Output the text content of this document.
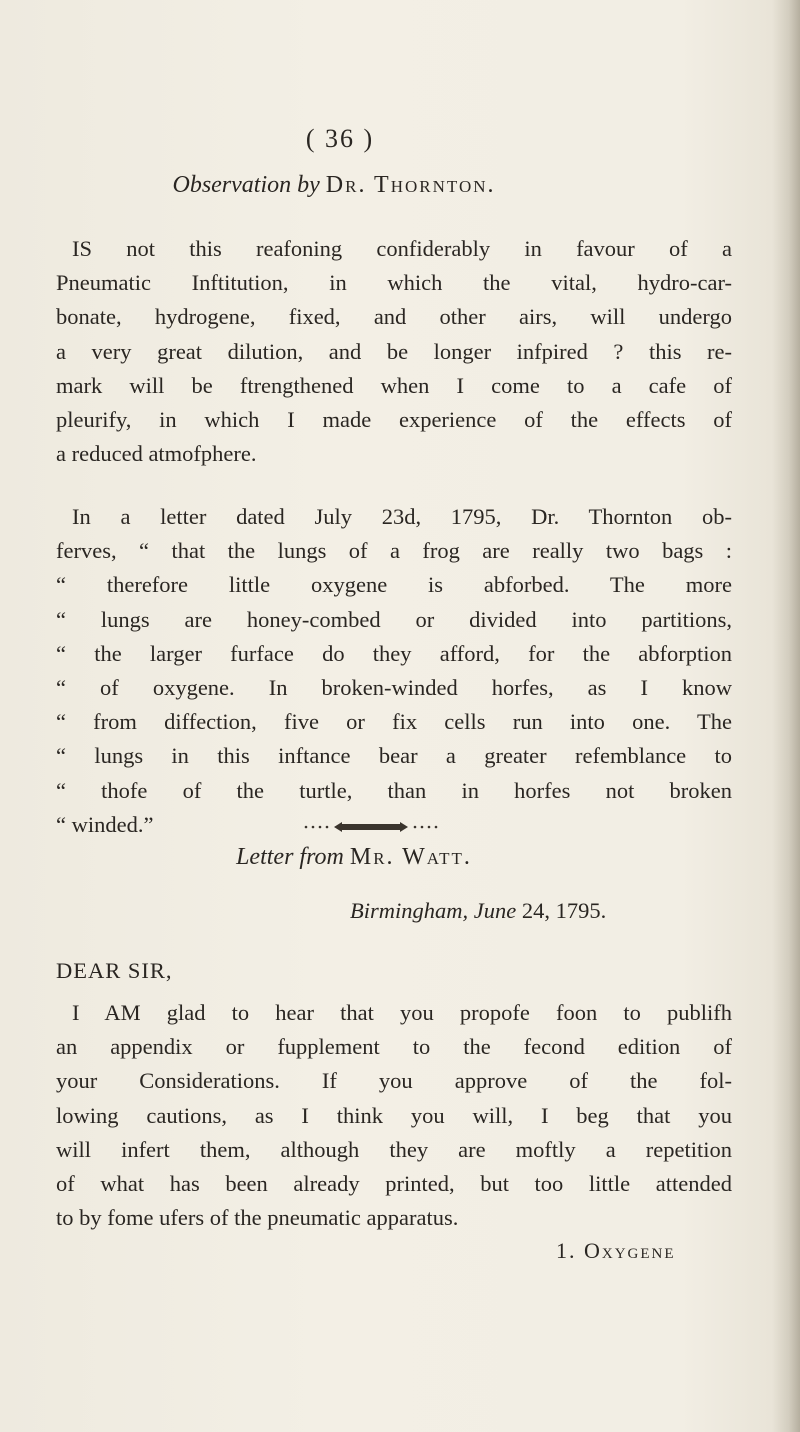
( 36 )
Observation by Dr. Thornton.
IS not this reafoning confiderably in favour of a
Pneumatic Inftitution, in which the vital, hydro-car-
bonate, hydrogene, fixed, and other airs, will undergo
a very great dilution, and be longer infpired ? this re-
mark will be ftrengthened when I come to a cafe of
pleurify, in which I made experience of the effects of
a reduced atmofphere.
In a letter dated July 23d, 1795, Dr. Thornton ob-
ferves, “ that the lungs of a frog are really two bags :
“ therefore little oxygene is abforbed. The more
“ lungs are honey-combed or divided into partitions,
“ the larger furface do they afford, for the abforption
“ of oxygene. In broken-winded horfes, as I know
“ from diffection, five or fix cells run into one. The
“ lungs in this inftance bear a greater refemblance to
“ thofe of the turtle, than in horfes not broken
“ winded.”
Letter from Mr. Watt.
Birmingham, June 24, 1795.
DEAR SIR,
I AM glad to hear that you propofe foon to publifh
an appendix or fupplement to the fecond edition of
your Considerations. If you approve of the fol-
lowing cautions, as I think you will, I beg that you
will infert them, although they are moftly a repetition
of what has been already printed, but too little attended
to by fome ufers of the pneumatic apparatus.
1. Oxygene
